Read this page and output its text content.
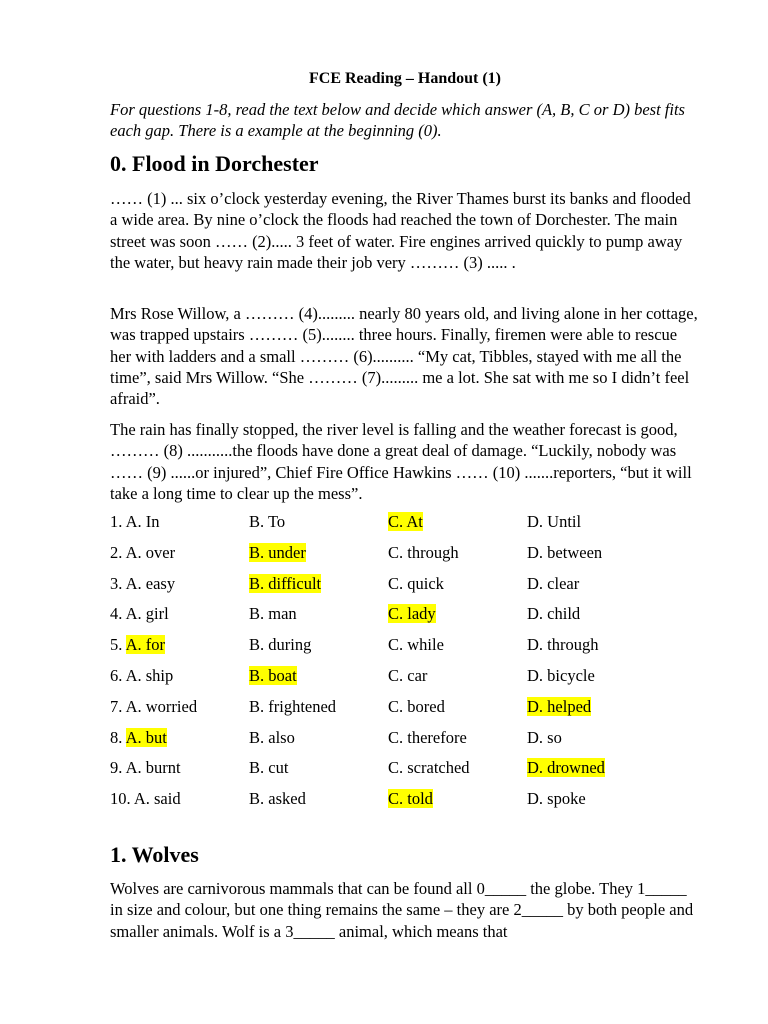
FCE Reading – Handout (1)
For questions 1-8, read the text below and decide which answer (A, B, C or D) best fits each gap. There is a example at the beginning (0).
0. Flood in Dorchester

…… (1) ... six o’clock yesterday evening, the River Thames burst its banks and flooded a wide area. By nine o’clock the floods had reached the town of Dorchester. The main street was soon …… (2)..... 3 feet of water. Fire engines arrived quickly to pump away the water, but heavy rain made their job very ……… (3) ..... .

Mrs Rose Willow, a ……… (4)......... nearly 80 years old, and living alone in her cottage, was trapped upstairs ……… (5)........ three hours. Finally, firemen were able to rescue her with ladders and a small ……… (6).......... “My cat, Tibbles, stayed with me all the time”, said Mrs Willow. “She ……… (7)......... me a lot. She sat with me so I didn’t feel afraid”.

The rain has finally stopped, the river level is falling and the weather forecast is good, ……… (8) ...........the floods have done a great deal of damage. “Luckily, nobody was …… (9) ......or injured”, Chief Fire Office Hawkins …… (10) .......reporters, “but it will take a long time to clear up the mess”.

1. A. In	B. To	C. At	D. Until
2. A. over	B. under	C. through	D. between
3. A. easy	B. difficult	C. quick	D. clear
4. A. girl	B. man	C. lady	D. child
5. A. for	B. during	C. while	D. through
6. A. ship	B. boat	C. car	D. bicycle
7. A. worried	B. frightened	C. bored	D. helped
8. A. but	B. also	C. therefore	D. so
9. A. burnt	B. cut	C. scratched	D. drowned
10. A. said	B. asked	C. told	D. spoke
1. Wolves

Wolves are carnivorous mammals that can be found all 0_____ the globe. They 1_____ in size and colour, but one thing remains the same – they are 2_____ by both people and smaller animals. Wolf is a 3_____ animal, which means that
